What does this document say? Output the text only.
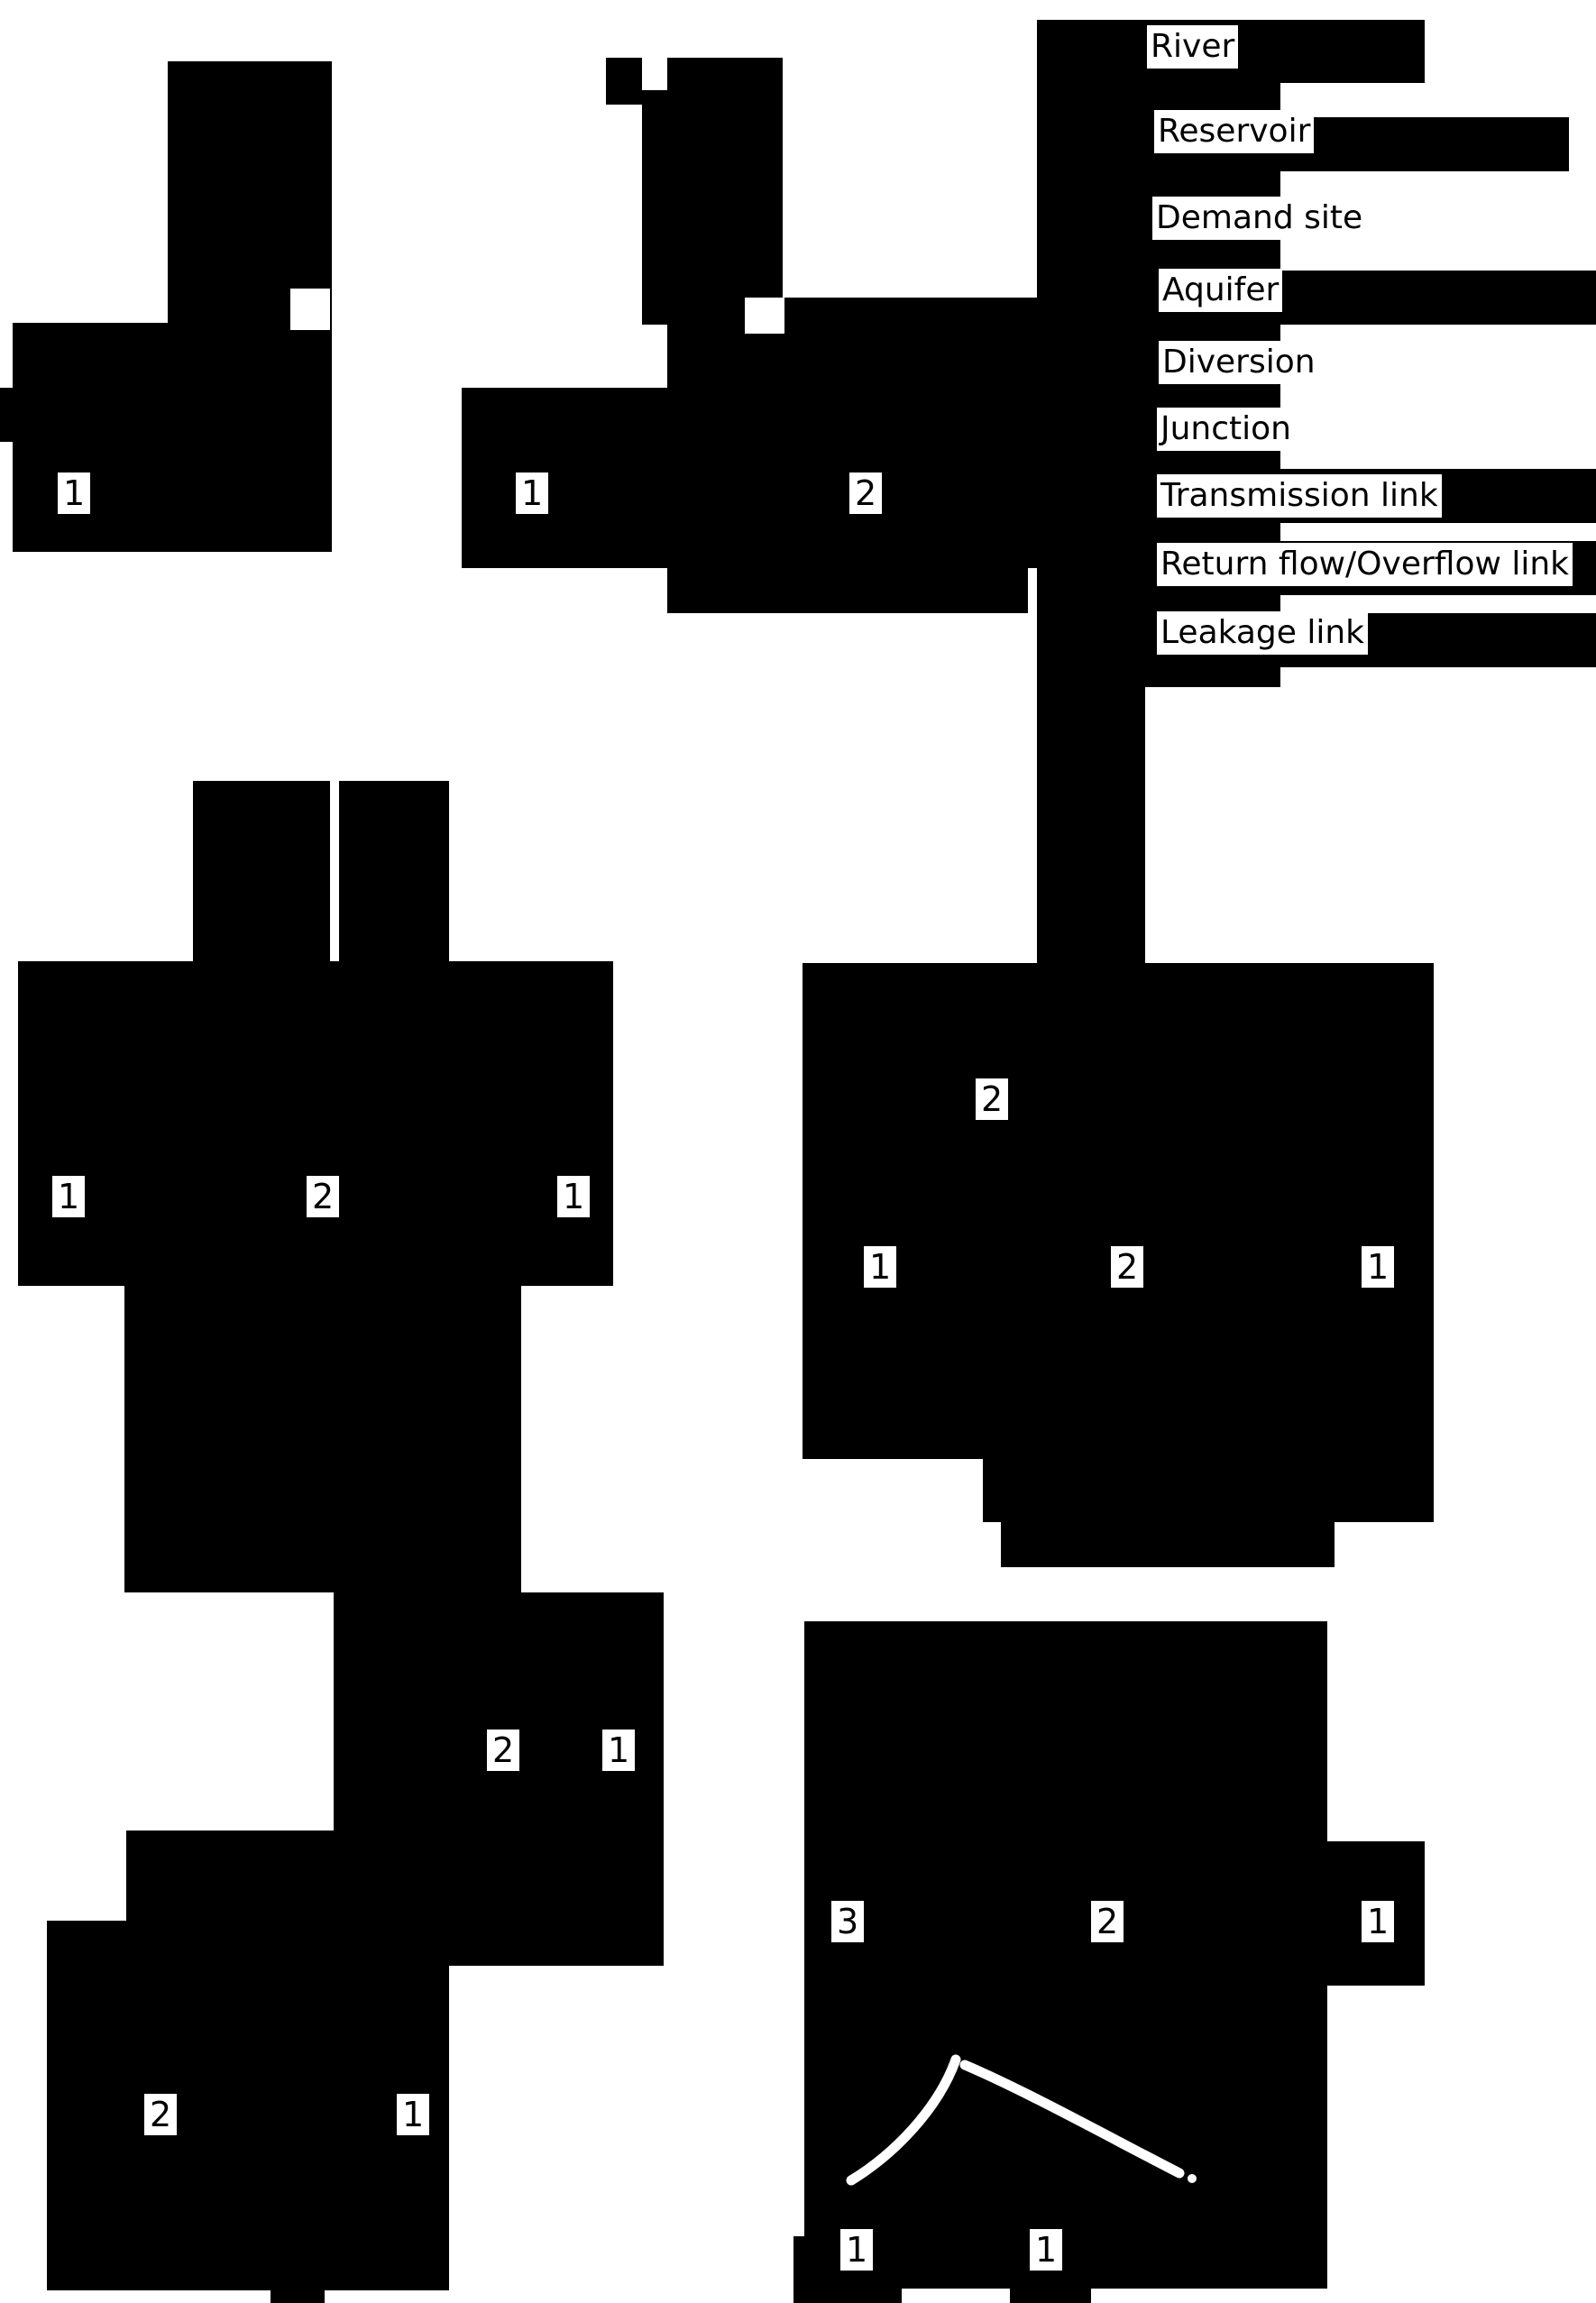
1	1	2
River
Reservoir
Demand site
Aquifer
Diversion
Junction
Transmission link
Return flow/Overflow link
Leakage link
1	2	1
2	1
2	1
2
1	2	1
3	2	1
1	1
